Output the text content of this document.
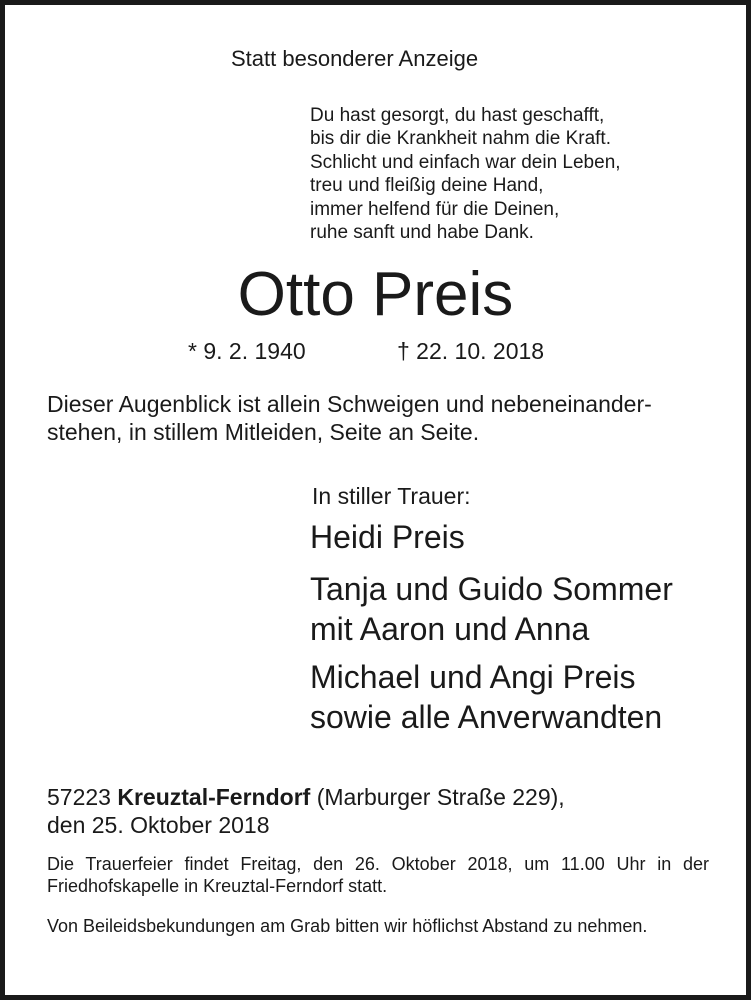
Statt besonderer Anzeige
Du hast gesorgt, du hast geschafft,
bis dir die Krankheit nahm die Kraft.
Schlicht und einfach war dein Leben,
treu und fleißig deine Hand,
immer helfend für die Deinen,
ruhe sanft und habe Dank.
Otto Preis
* 9. 2. 1940	† 22. 10. 2018
Dieser Augenblick ist allein Schweigen und nebeneinander-
stehen, in stillem Mitleiden, Seite an Seite.
In stiller Trauer:
Heidi Preis
Tanja und Guido Sommer
mit Aaron und Anna
Michael und Angi Preis
sowie alle Anverwandten
57223 Kreuztal-Ferndorf (Marburger Straße 229),
den 25. Oktober 2018
Die Trauerfeier findet Freitag, den 26. Oktober 2018, um 11.00 Uhr in der Friedhofskapelle in Kreuztal-Ferndorf statt.
Von Beileidsbekundungen am Grab bitten wir höflichst Abstand zu nehmen.
